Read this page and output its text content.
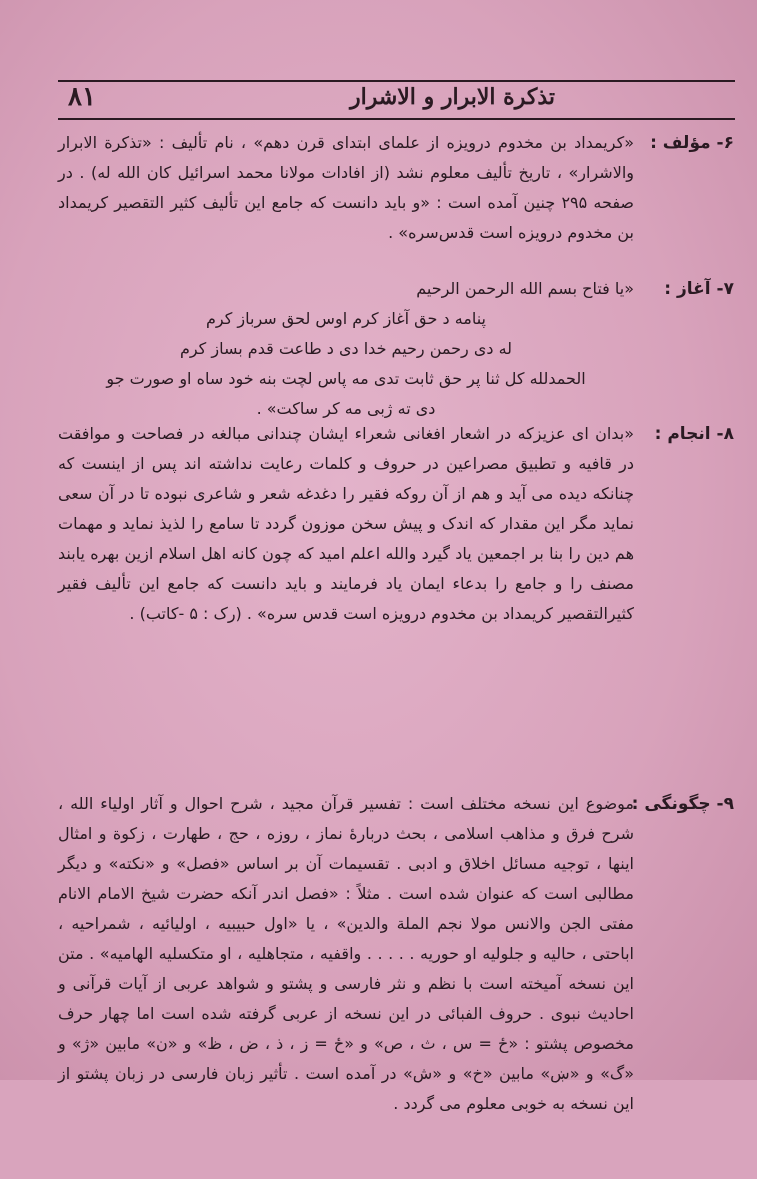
تذکرة الابرار و الاشرار
۸۱
۶- مؤلف :

«کریمداد بن مخدوم درویزه از علمای ابتدای قرن دهم» ، نام تألیف : «تذکرة الابرار والاشرار» ، تاریخ تألیف معلوم نشد (از افادات مولانا محمد اسرائیل کان الله له) . در صفحه ۲۹۵ چنین آمده است : «و باید دانست که جامع این تألیف کثیر التقصیر کریمداد بن مخدوم درویزه است قدس‌سره» .

۷- آغاز :

«یا فتاح بسم الله الرحمن الرحیم

پنامه د حق آغاز کرم اوس لحق سرباز کرم
له دی رحمن رحیم خدا دی د طاعت قدم بساز کرم
الحمدلله کل ثنا پر حق ثابت تدی مه پاس لچت بنه خود ساه او صورت جو
دی ته ژبی مه کر ساکت» .
۸- انجام :

«بدان ای عزیزکه در اشعار افغانی شعراء ایشان چندانی مبالغه در فصاحت و موافقت در قافیه و تطبیق مصراعین در حروف و کلمات رعایت نداشته اند پس از اینست که چنانکه دیده می آید و هم از آن روکه فقیر را دغدغه شعر و شاعری نبوده تا در آن سعی نماید مگر این مقدار که اندک و پیش سخن موزون گردد تا سامع را لذیذ نماید و مهمات هم دین را بنا بر اجمعین یاد گیرد والله اعلم امید که چون کانه اهل اسلام ازین بهره یابند مصنف را و جامع را بدعاء ایمان یاد فرمایند و باید دانست که جامع این تألیف فقیر کثیرالتقصیر کریمداد بن مخدوم درویزه است قدس سره» . (رک : ۵ -کاتب) .

۹- چگونگی :

موضوع این نسخه مختلف است : تفسیر قرآن مجید ، شرح احوال و آثار اولیاء الله ، شرح فرق و مذاهب اسلامی ، بحث دربارهٔ نماز ، روزه ، حج ، طهارت ، زکوة و امثال اینها ، توجیه مسائل اخلاق و ادبی . تقسیمات آن بر اساس «فصل» و «نکته» و دیگر مطالبی است که عنوان شده است . مثلاً : «فصل اندر آنکه حضرت شیخ الامام الانام مفتی الجن والانس مولا نجم الملة والدین» ، یا «اول حبیبیه ، اولیائیه ، شمراحیه ، اباحتی ، حالیه و جلولیه او حوریه . . . . . واقفیه ، متجاهلیه ، او متکسلیه الهامیه» . متن این نسخه آمیخته است با نظم و نثر فارسی و پشتو و شواهد عربی از آیات قرآنی و احادیث نبوی . حروف الفبائی در این نسخه از عربی گرفته شده است اما چهار حرف مخصوص پشتو : «ځ = س ، ث ، ص» و «ځ = ز ، ذ ، ض ، ظ» و «ن» مابین «ژ» و «گ» و «ښ» مابین «خ» و «ش» در آمده است . تأثیر زبان فارسی در زبان پشتو از این نسخه به خوبی معلوم می گردد .
